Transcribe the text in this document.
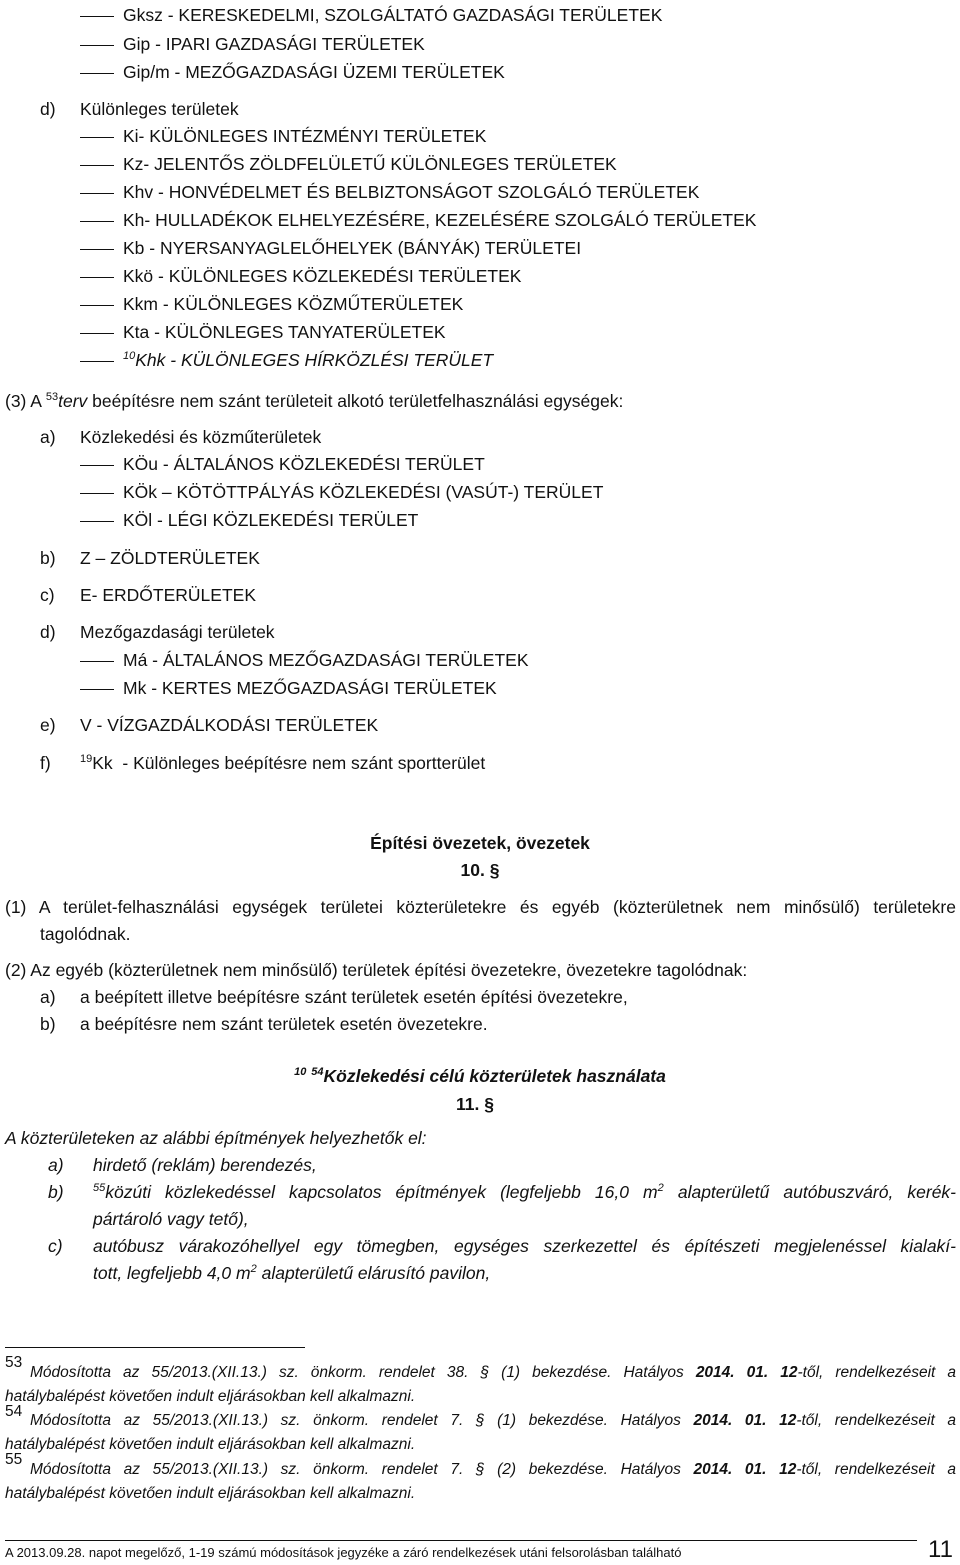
Gksz - KERESKEDELMI, SZOLGÁLTATÓ GAZDASÁGI TERÜLETEK
Gip - IPARI GAZDASÁGI TERÜLETEK
Gip/m - MEZŐGAZDASÁGI ÜZEMI TERÜLETEK
d) Különleges területek
Ki- KÜLÖNLEGES INTÉZMÉNYI TERÜLETEK
Kz- JELENTŐS ZÖLDFELÜLETŰ KÜLÖNLEGES TERÜLETEK
Khv - HONVÉDELMET ÉS BELBIZTONSÁGOT SZOLGÁLÓ TERÜLETEK
Kh- HULLADÉKOK ELHELYEZÉSÉRE, KEZELÉSÉRE SZOLGÁLÓ TERÜLETEK
Kb - NYERSANYAGLELŐHELYEK (BÁNYÁK) TERÜLETEI
Kkö - KÜLÖNLEGES KÖZLEKEDÉSI TERÜLETEK
Kkm - KÜLÖNLEGES KÖZMŰTERÜLETEK
Kta - KÜLÖNLEGES TANYATERÜLETEK
$^{10}$Khk - KÜLÖNLEGES HÍRKÖZLÉSI TERÜLET
(3) A $^{53}$terv beépítésre nem szánt területeit alkotó területfelhasználási egységek:
a) Közlekedési és közműterületek
KÖu - ÁLTALÁNOS KÖZLEKEDÉSI TERÜLET
KÖk – KÖTÖTTPÁLYÁS KÖZLEKEDÉSI (VASÚT-) TERÜLET
KÖl - LÉGI KÖZLEKEDÉSI TERÜLET
b) Z – ZÖLDTERÜLETEK
c) E- ERDŐTERÜLETEK
d) Mezőgazdasági területek
Má - ÁLTALÁNOS MEZŐGAZDASÁGI TERÜLETEK
Mk - KERTES MEZŐGAZDASÁGI TERÜLETEK
e) V - VÍZGAZDÁLKODÁSI TERÜLETEK
f)	$^{19}$Kk  - Különleges beépítésre nem szánt sportterület
Építési övezetek, övezetek
10. §
(1) A terület-felhasználási egységek területei közterületekre és egyéb (közterületnek nem minősülő) területekre
tagolódnak.
(2) Az egyéb (közterületnek nem minősülő) területek építési övezetekre, övezetekre tagolódnak:
a) a beépített illetve beépítésre szánt területek esetén építési övezetekre,
b) a beépítésre nem szánt területek esetén övezetekre.
$^{10}$ $^{54}$Közlekedési célú közterületek használata
11. §
A közterületeken az alábbi építmények helyezhetők el:
a) hirdető (reklám) berendezés,
b)	$^{55}$közúti közlekedéssel kapcsolatos építmények (legfeljebb 16,0 $m^2$ alapterületű autóbuszváró, kerék-
pártároló vagy tető),
c) autóbusz várakozóhellyel egy tömegben, egységes szerkezettel és építészeti megjelenéssel kialakí-
tott, legfeljebb 4,0 $m^2$ alapterületű elárusító pavilon,
53
Módosította az 55/2013.(XII.13.) sz. önkorm. rendelet 38. § (1) bekezdése. Hatályos 2014. 01. 12-től, rendelkezéseit a
hatálybalépést követően indult eljárásokban kell alkalmazni.
54
Módosította az 55/2013.(XII.13.) sz. önkorm. rendelet 7. § (1) bekezdése. Hatályos 2014. 01. 12-től, rendelkezéseit a
hatálybalépést követően indult eljárásokban kell alkalmazni.
55
Módosította az 55/2013.(XII.13.) sz. önkorm. rendelet 7. § (2) bekezdése. Hatályos 2014. 01. 12-től, rendelkezéseit a
hatálybalépést követően indult eljárásokban kell alkalmazni.
A 2013.09.28. napot megelőző, 1-19 számú módosítások jegyzéke a záró rendelkezések utáni felsorolásban található	11
